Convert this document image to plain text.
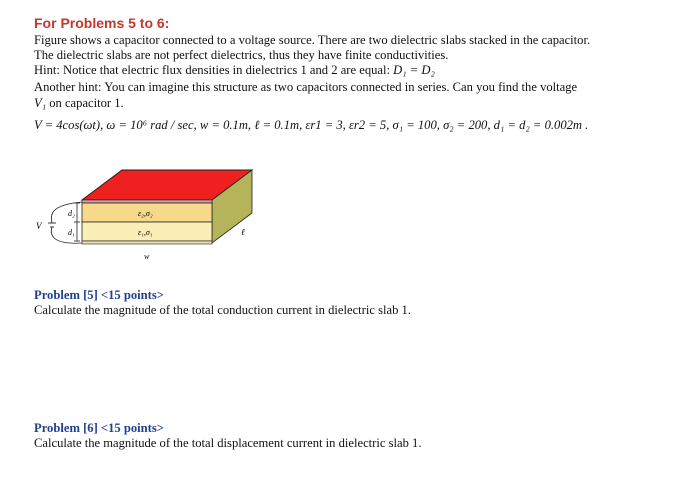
For Problems 5 to 6:
Figure shows a capacitor connected to a voltage source. There are two dielectric slabs stacked in the capacitor.
The dielectric slabs are not perfect dielectrics, thus they have finite conductivities.
Hint: Notice that electric flux densities in dielectrics 1 and 2 are equal: D₁ = D₂
Another hint: You can imagine this structure as two capacitors connected in series. Can you find the voltage
V₁ on capacitor 1.
V = 4cos(ωt), ω = 10⁶ rad / sec, w = 0.1m, ℓ = 0.1m, εr1 = 3, εr2 = 5, σ₁ = 100, σ₂ = 200, d₁ = d₂ = 0.002m .
ε₂,σ₂
ε₁,σ₁
d₂
d₁
V
w
ℓ
Problem [5] <15 points>
Calculate the magnitude of the total conduction current in dielectric slab 1.
Problem [6] <15 points>
Calculate the magnitude of the total displacement current in dielectric slab 1.
